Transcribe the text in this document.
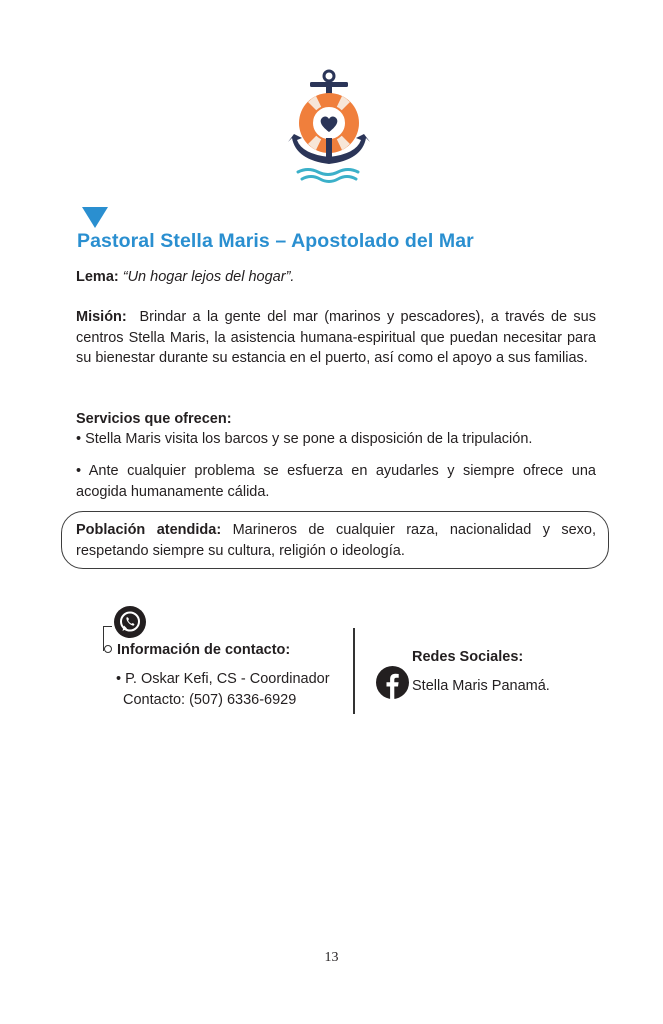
Pastoral Stella Maris – Apostolado del Mar

Lema: “Un hogar lejos del hogar”.

Misión: Brindar a la gente del mar (marinos y pescadores), a través de sus centros Stella Maris, la asistencia humana-espiritual que puedan necesitar para su bienestar durante su estancia en el puerto, así como el apoyo a sus familias.

Servicios que ofrecen:

• Stella Maris visita los barcos y se pone a disposición de la tripulación.

• Ante cualquier problema se esfuerza en ayudarles y siempre ofrece una acogida humanamente cálida.

Población atendida: Marineros de cualquier raza, nacionalidad y sexo, respetando siempre su cultura, religión o ideología.

Información de contacto:
• P. Oskar Kefi, CS - Coordinador
Contacto: (507) 6336-6929
Redes Sociales:
Stella Maris Panamá.
13
